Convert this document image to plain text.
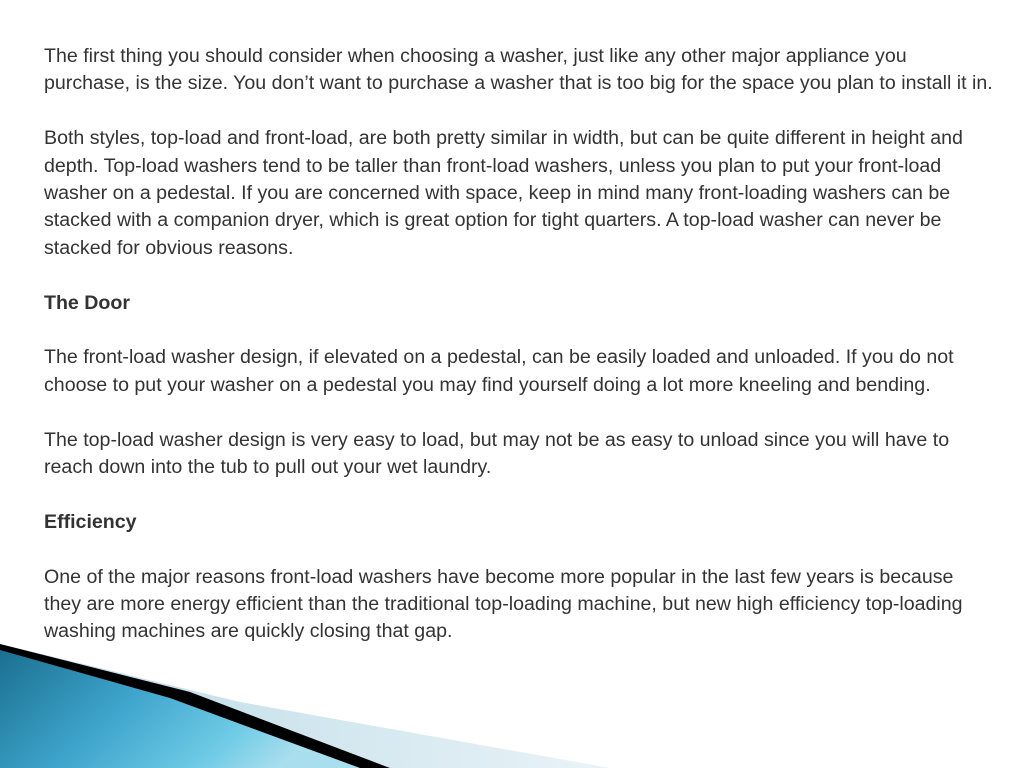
The first thing you should consider when choosing a washer, just like any other major appliance you purchase, is the size. You don’t want to purchase a washer that is too big for the space you plan to install it in.

Both styles, top-load and front-load, are both pretty similar in width, but can be quite different in height and depth. Top-load washers tend to be taller than front-load washers, unless you plan to put your front-load washer on a pedestal. If you are concerned with space, keep in mind many front-loading washers can be stacked with a companion dryer, which is great option for tight quarters. A top-load washer can never be stacked for obvious reasons.

The Door

The front-load washer design, if elevated on a pedestal, can be easily loaded and unloaded. If you do not choose to put your washer on a pedestal you may find yourself doing a lot more kneeling and bending.

The top-load washer design is very easy to load, but may not be as easy to unload since you will have to reach down into the tub to pull out your wet laundry.

Efficiency

One of the major reasons front-load washers have become more popular in the last few years is because they are more energy efficient than the traditional top-loading machine, but new high efficiency top-loading washing machines are quickly closing that gap.
